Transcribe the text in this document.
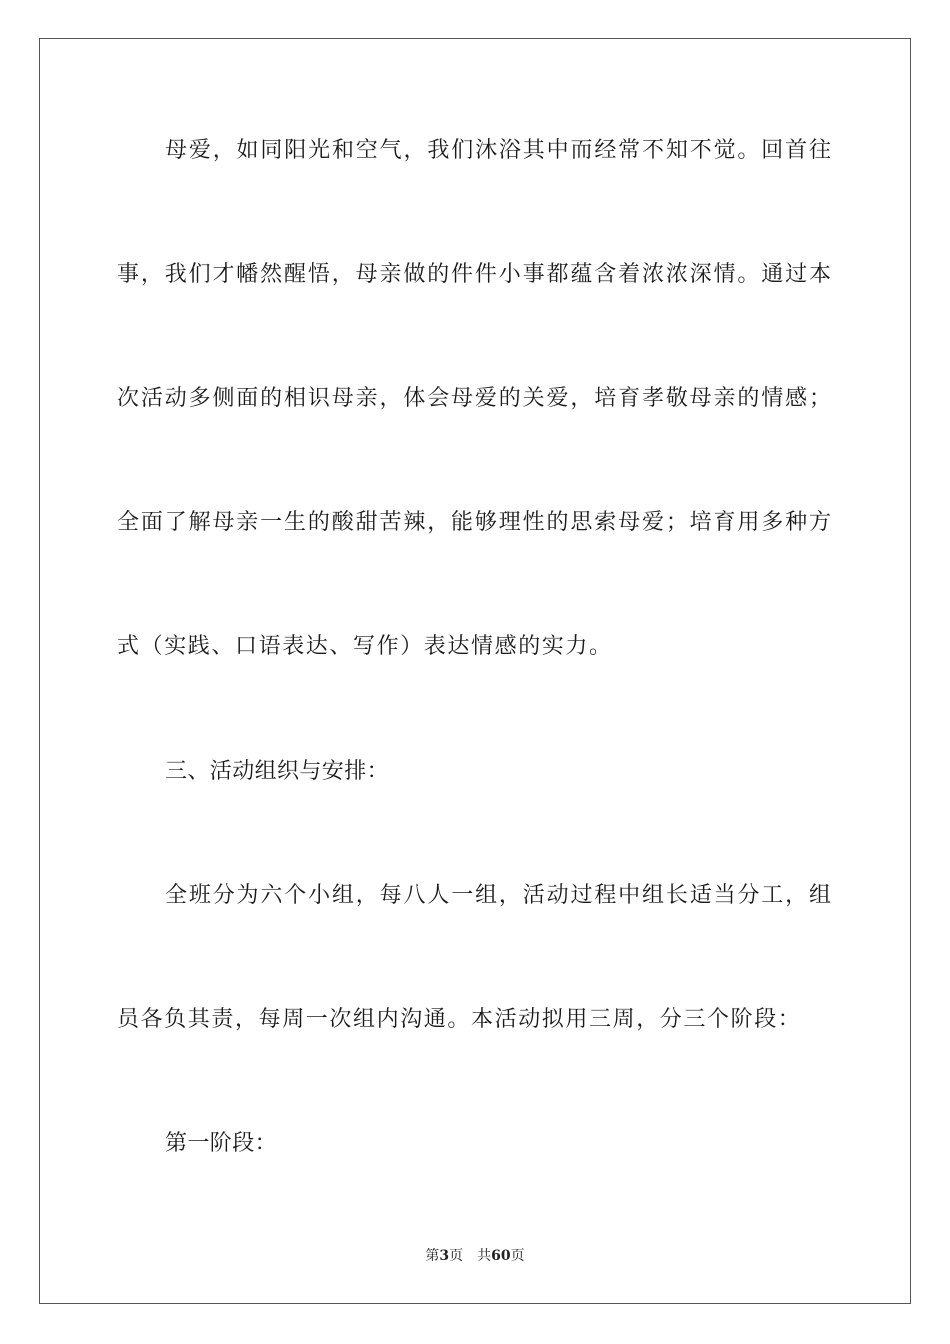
母爱，如同阳光和空气，我们沐浴其中而经常不知不觉。回首往
事，我们才幡然醒悟，母亲做的件件小事都蕴含着浓浓深情。通过本
次活动多侧面的相识母亲，体会母爱的关爱，培育孝敬母亲的情感；
全面了解母亲一生的酸甜苦辣，能够理性的思索母爱；培育用多种方
式（实践、口语表达、写作）表达情感的实力。
三、活动组织与安排：
全班分为六个小组，每八人一组，活动过程中组长适当分工，组
员各负其责，每周一次组内沟通。本活动拟用三周，分三个阶段：
第一阶段：
第3页 共60页
